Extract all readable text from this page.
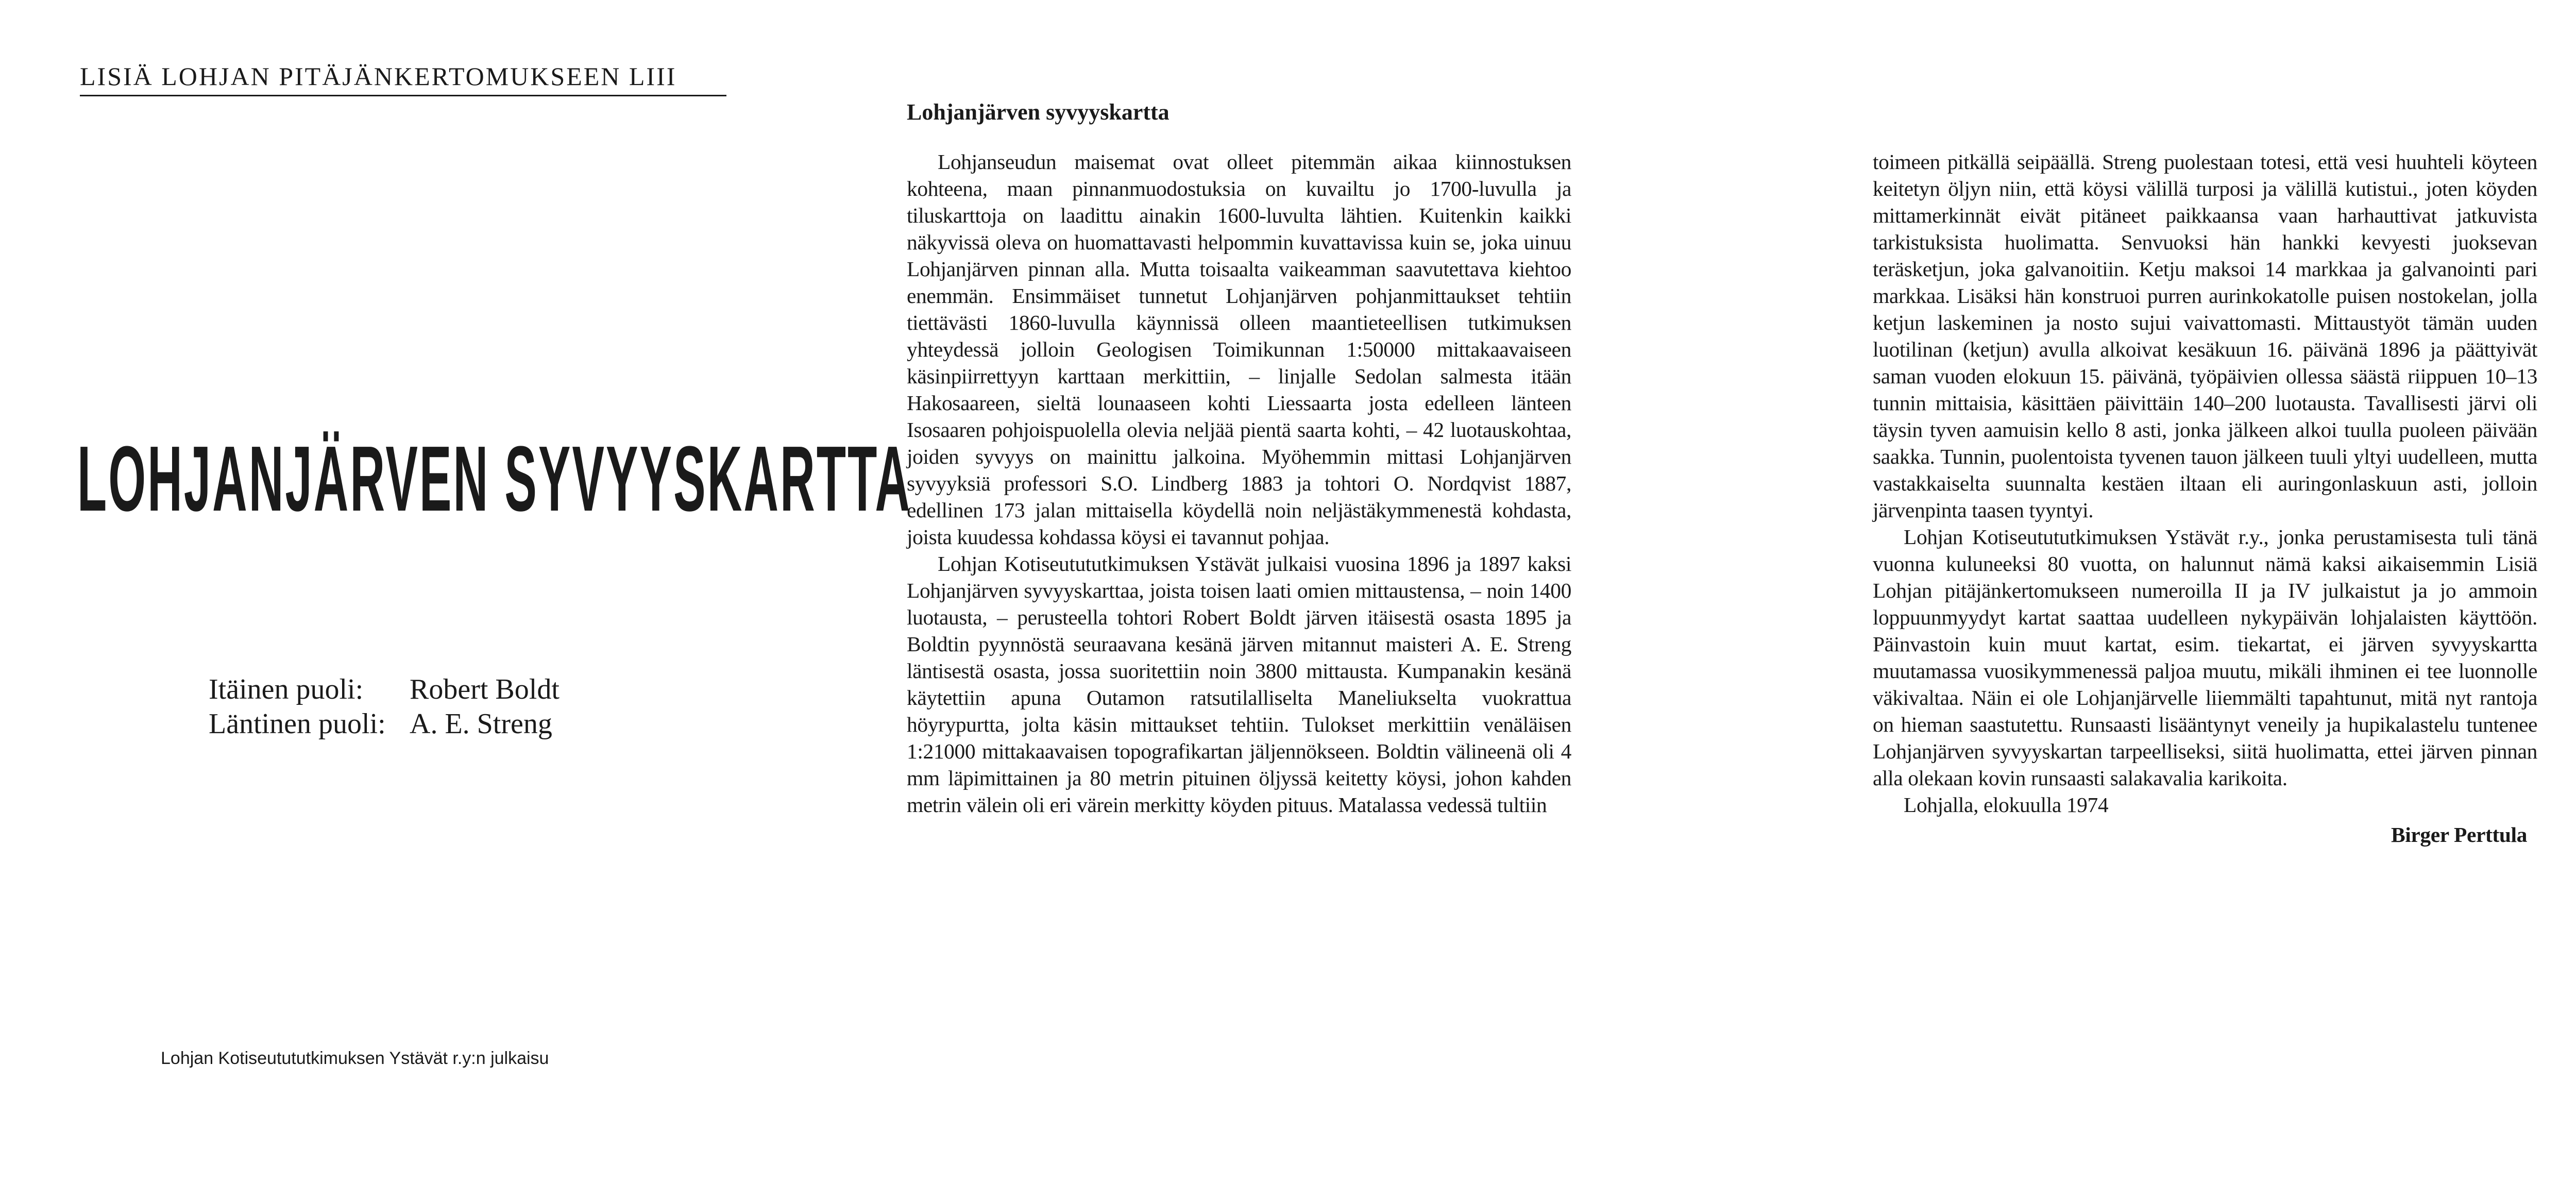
LISIÄ LOHJAN PITÄJÄNKERTOMUKSEEN LIII
LOHJANJÄRVEN SYVYYSKARTTA
Itäinen puoli: Robert Boldt
Läntinen puoli: A. E. Streng
Lohjan Kotiseutututkimuksen Ystävät r.y:n julkaisu
Lohjanjärven syvyyskartta

Lohjanseudun maisemat ovat olleet pitemmän aikaa kiinnostuksen kohteena, maan pinnanmuodostuksia on kuvailtu jo 1700-luvulla ja tiluskarttoja on laadittu ainakin 1600-luvulta lähtien. Kuitenkin kaikki näkyvissä oleva on huomattavasti helpommin kuvattavissa kuin se, joka uinuu Lohjanjärven pinnan alla. Mutta toisaalta vaikeamman saavutettava kiehtoo enemmän. Ensimmäiset tunnetut Lohjanjärven pohjanmittaukset tehtiin tiettävästi 1860-luvulla käynnissä olleen maantieteellisen tutkimuksen yhteydessä jolloin Geologisen Toimikunnan 1:50000 mittakaavaiseen käsinpiirrettyyn karttaan merkittiin, – linjalle Sedolan salmesta itään Hakosaareen, sieltä lounaaseen kohti Liessaarta josta edelleen länteen Isosaaren pohjoispuolella olevia neljää pientä saarta kohti, – 42 luotauskohtaa, joiden syvyys on mainittu jalkoina. Myöhemmin mittasi Lohjanjärven syvyyksiä professori S.O. Lindberg 1883 ja tohtori O. Nordqvist 1887, edellinen 173 jalan mittaisella köydellä noin neljästäkymmenestä kohdasta, joista kuudessa kohdassa köysi ei tavannut pohjaa.

Lohjan Kotiseutututkimuksen Ystävät julkaisi vuosina 1896 ja 1897 kaksi Lohjanjärven syvyyskarttaa, joista toisen laati omien mittaustensa, – noin 1400 luotausta, – perusteella tohtori Robert Boldt järven itäisestä osasta 1895 ja Boldtin pyynnöstä seuraavana kesänä järven mitannut maisteri A. E. Streng läntisestä osasta, jossa suoritettiin noin 3800 mittausta. Kumpanakin kesänä käytettiin apuna Outamon ratsutilalliselta Maneliukselta vuokrattua höyrypurtta, jolta käsin mittaukset tehtiin. Tulokset merkittiin venäläisen 1:21000 mittakaavaisen topografikartan jäljennökseen. Boldtin välineenä oli 4 mm läpimittainen ja 80 metrin pituinen öljyssä keitetty köysi, johon kahden metrin välein oli eri värein merkitty köyden pituus. Matalassa vedessä tultiin

toimeen pitkällä seipäällä. Streng puolestaan totesi, että vesi huuhteli köyteen keitetyn öljyn niin, että köysi välillä turposi ja välillä kutistui., joten köyden mittamerkinnät eivät pitäneet paikkaansa vaan harhauttivat jatkuvista tarkistuksista huolimatta. Senvuoksi hän hankki kevyesti juoksevan teräsketjun, joka galvanoitiin. Ketju maksoi 14 markkaa ja galvanointi pari markkaa. Lisäksi hän konstruoi purren aurinkokatolle puisen nostokelan, jolla ketjun laskeminen ja nosto sujui vaivattomasti. Mittaustyöt tämän uuden luotilinan (ketjun) avulla alkoivat kesäkuun 16. päivänä 1896 ja päättyivät saman vuoden elokuun 15. päivänä, työpäivien ollessa säästä riippuen 10–13 tunnin mittaisia, käsittäen päivittäin 140–200 luotausta. Tavallisesti järvi oli täysin tyven aamuisin kello 8 asti, jonka jälkeen alkoi tuulla puoleen päivään saakka. Tunnin, puolentoista tyvenen tauon jälkeen tuuli yltyi uudelleen, mutta vastakkaiselta suunnalta kestäen iltaan eli auringonlaskuun asti, jolloin järvenpinta taasen tyyntyi.

Lohjan Kotiseutututkimuksen Ystävät r.y., jonka perustamisesta tuli tänä vuonna kuluneeksi 80 vuotta, on halunnut nämä kaksi aikaisemmin Lisiä Lohjan pitäjänkertomukseen numeroilla II ja IV julkaistut ja jo ammoin loppuunmyydyt kartat saattaa uudelleen nykypäivän lohjalaisten käyttöön. Päinvastoin kuin muut kartat, esim. tiekartat, ei järven syvyyskartta muutamassa vuosikymmenessä paljoa muutu, mikäli ihminen ei tee luonnolle väkivaltaa. Näin ei ole Lohjanjärvelle liiemmälti tapahtunut, mitä nyt rantoja on hieman saastutettu. Runsaasti lisääntynyt veneily ja hupikalastelu tuntenee Lohjanjärven syvyyskartan tarpeelliseksi, siitä huolimatta, ettei järven pinnan alla olekaan kovin runsaasti salakavalia karikoita.

Lohjalla, elokuulla 1974

Birger Perttula
